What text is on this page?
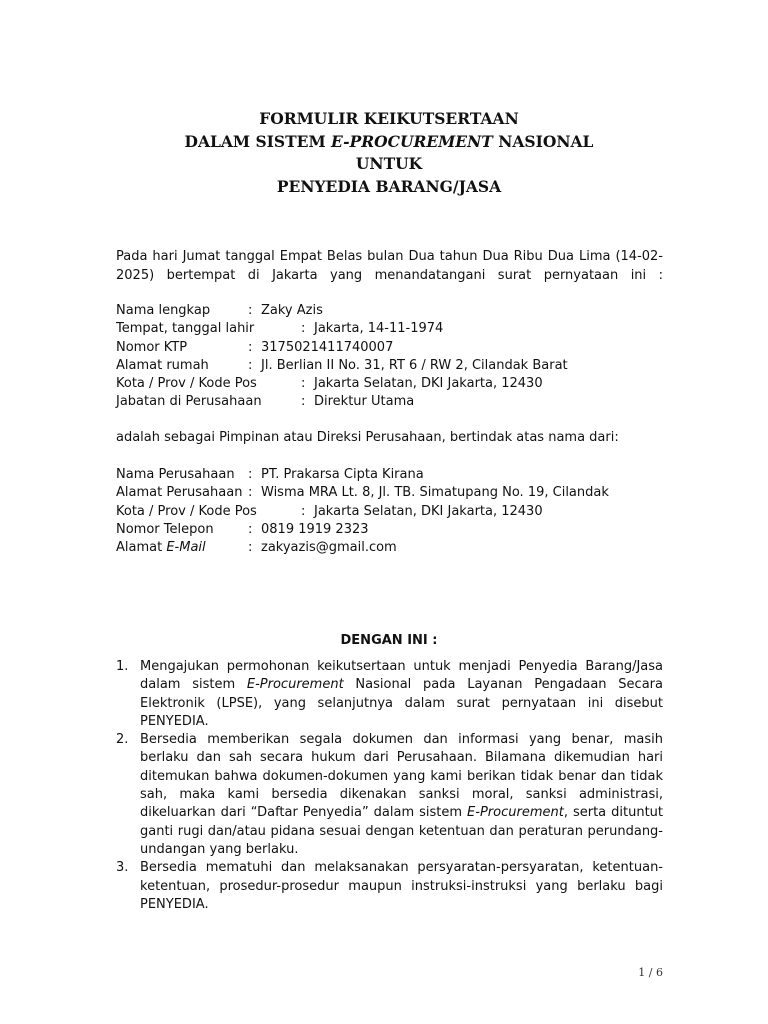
FORMULIR KEIKUTSERTAAN
DALAM SISTEM E-PROCUREMENT NASIONAL
UNTUK
PENYEDIA BARANG/JASA
Pada hari Jumat tanggal Empat Belas bulan Dua tahun Dua Ribu Dua Lima (14-02-2025) bertempat di Jakarta yang menandatangani surat pernyataan ini :
Nama lengkap	: Zaky Azis
Tempat, tanggal lahir	: Jakarta, 14-11-1974
Nomor KTP	: 3175021411740007
Alamat rumah	: Jl. Berlian II No. 31, RT 6 / RW 2, Cilandak Barat
Kota / Prov / Kode Pos	: Jakarta Selatan, DKI Jakarta, 12430
Jabatan di Perusahaan	: Direktur Utama
adalah sebagai Pimpinan atau Direksi Perusahaan, bertindak atas nama dari:
Nama Perusahaan : PT. Prakarsa Cipta Kirana
Alamat Perusahaan : Wisma MRA Lt. 8, Jl. TB. Simatupang No. 19, Cilandak
Kota / Prov / Kode Pos	: Jakarta Selatan, DKI Jakarta, 12430
Nomor Telepon	: 0819 1919 2323
Alamat E-Mail	: zakyazis@gmail.com
DENGAN INI :
1. Mengajukan permohonan keikutsertaan untuk menjadi Penyedia Barang/Jasa dalam sistem E-Procurement Nasional pada Layanan Pengadaan Secara Elektronik (LPSE), yang selanjutnya dalam surat pernyataan ini disebut PENYEDIA.
2. Bersedia memberikan segala dokumen dan informasi yang benar, masih berlaku dan sah secara hukum dari Perusahaan. Bilamana dikemudian hari ditemukan bahwa dokumen-dokumen yang kami berikan tidak benar dan tidak sah, maka kami bersedia dikenakan sanksi moral, sanksi administrasi, dikeluarkan dari “Daftar Penyedia” dalam sistem E-Procurement, serta dituntut ganti rugi dan/atau pidana sesuai dengan ketentuan dan peraturan perundang-undangan yang berlaku.
3. Bersedia mematuhi dan melaksanakan persyaratan-persyaratan, ketentuan-ketentuan, prosedur-prosedur maupun instruksi-instruksi yang berlaku bagi PENYEDIA.
1 / 6
